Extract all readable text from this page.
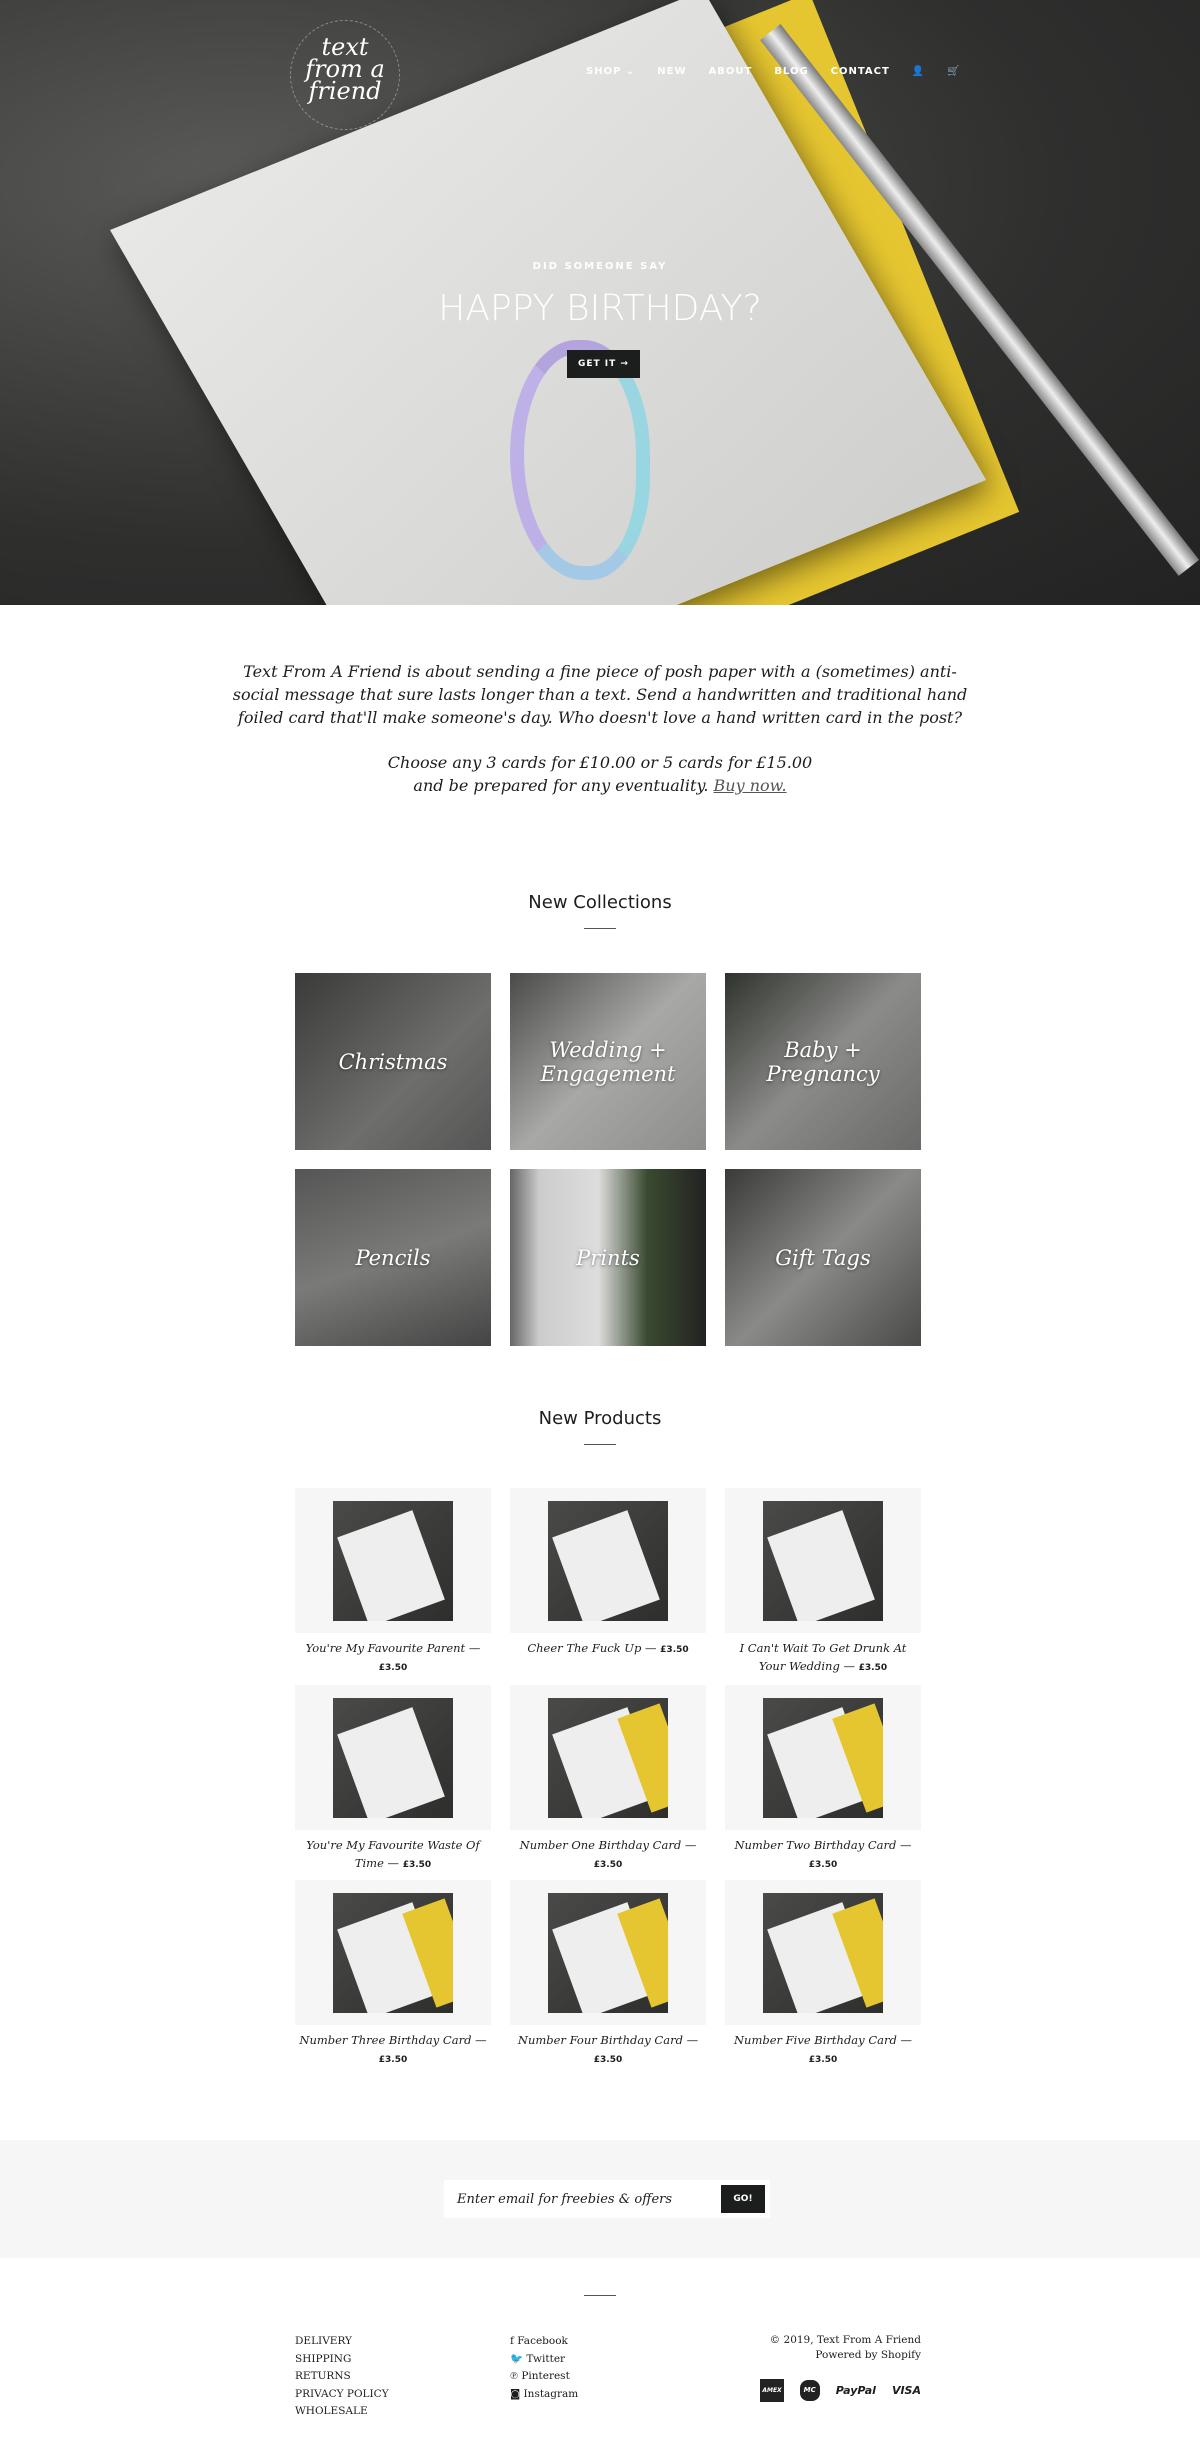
text from a friend
SHOP ⌄ NEW ABOUT BLOG CONTACT 👤 🛒
DID SOMEONE SAY
HAPPY BIRTHDAY?
GET IT →

Text From A Friend is about sending a fine piece of posh paper with a (sometimes) anti-social message that sure lasts longer than a text. Send a handwritten and traditional hand foiled card that'll make someone's day. Who doesn't love a hand written card in the post?

Choose any 3 cards for £10.00 or 5 cards for £15.00
and be prepared for any eventuality. Buy now.

New Collections
Christmas	Wedding + Engagement
Baby + Pregnancy
Pencils	Prints	Gift Tags
New Products
You're My Favourite Parent — £3.50
Cheer The Fuck Up — £3.50	I Can't Wait To Get Drunk At Your Wedding — £3.50
You're My Favourite Waste Of Time — £3.50
Number One Birthday Card — £3.50
Number Two Birthday Card — £3.50
Number Three Birthday Card — £3.50
Number Four Birthday Card — £3.50
Number Five Birthday Card — £3.50
Enter email for freebies & offers	GO!
DELIVERY
SHIPPING
RETURNS
PRIVACY POLICY
WHOLESALE
f Facebook
🐦 Twitter
℗ Pinterest
◙ Instagram
© 2019, Text From A Friend
Powered by Shopify
AMEX	MC	PayPal VISA
